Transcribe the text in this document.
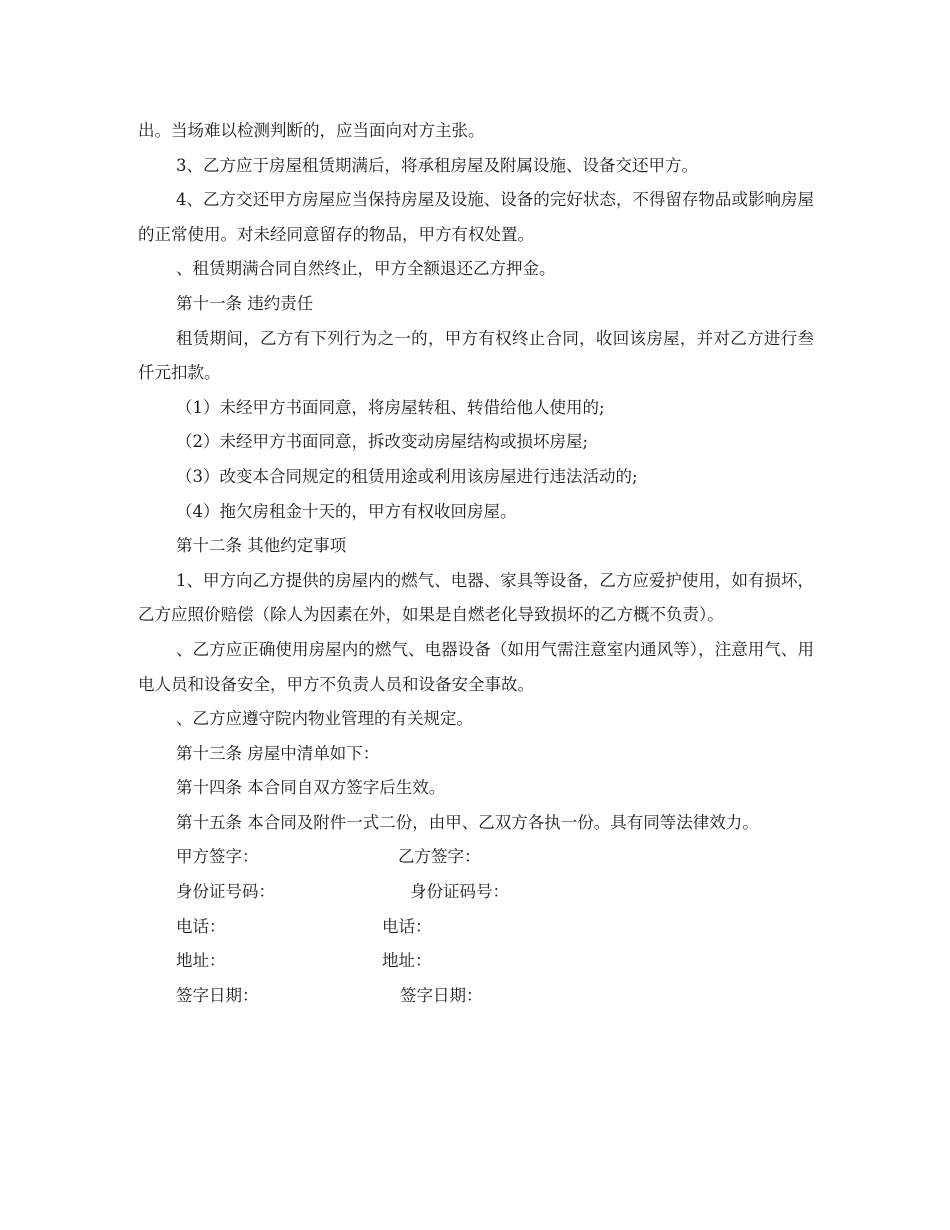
出。当场难以检测判断的，应当面向对方主张。

3、乙方应于房屋租赁期满后，将承租房屋及附属设施、设备交还甲方。

4、乙方交还甲方房屋应当保持房屋及设施、设备的完好状态，不得留存物品或影响房屋的正常使用。对未经同意留存的物品，甲方有权处置。

、租赁期满合同自然终止，甲方全额退还乙方押金。

第十一条 违约责任

租赁期间，乙方有下列行为之一的，甲方有权终止合同，收回该房屋，并对乙方进行叁仟元扣款。

（1）未经甲方书面同意，将房屋转租、转借给他人使用的;

（2）未经甲方书面同意，拆改变动房屋结构或损坏房屋;

（3）改变本合同规定的租赁用途或利用该房屋进行违法活动的;

（4）拖欠房租金十天的，甲方有权收回房屋。

第十二条 其他约定事项

1、甲方向乙方提供的房屋内的燃气、电器、家具等设备，乙方应爱护使用，如有损坏，乙方应照价赔偿（除人为因素在外，如果是自燃老化导致损坏的乙方概不负责）。

、乙方应正确使用房屋内的燃气、电器设备（如用气需注意室内通风等），注意用气、用电人员和设备安全，甲方不负责人员和设备安全事故。

、乙方应遵守院内物业管理的有关规定。

第十三条 房屋中清单如下：

第十四条 本合同自双方签字后生效。

第十五条 本合同及附件一式二份，由甲、乙双方各执一份。具有同等法律效力。

甲方签字：	乙方签字：
身份证号码：	身份证码号：
电话：	电话：
地址：	地址：
签字日期：	签字日期：
